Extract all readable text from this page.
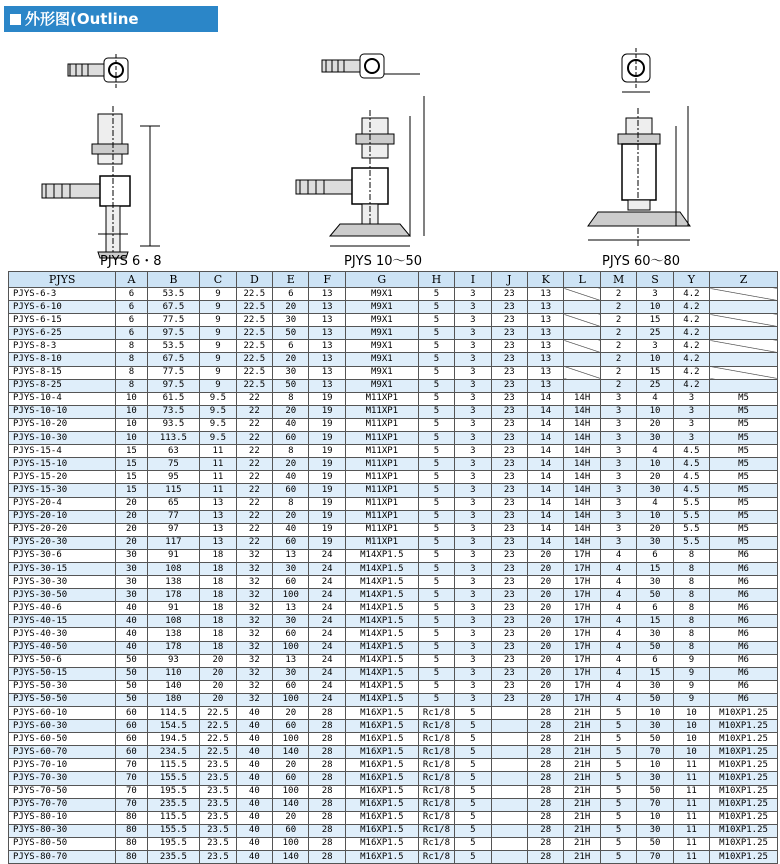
外形图(Outline Drawing)
PJYS 6・8	PJYS 10～50	PJYS 60～80
PJYS	A	B	C	D	E	F	G	H	I	J	K	L	M	S	Y	Z
PJYS-6-3	6	53.5	9	22.5	6	13	M9X1	5	3	23	13		2	3	4.2	
PJYS-6-10	6	67.5	9	22.5	20	13	M9X1	5	3	23	13		2	10	4.2	
PJYS-6-15	6	77.5	9	22.5	30	13	M9X1	5	3	23	13		2	15	4.2	
PJYS-6-25	6	97.5	9	22.5	50	13	M9X1	5	3	23	13		2	25	4.2	
PJYS-8-3	8	53.5	9	22.5	6	13	M9X1	5	3	23	13		2	3	4.2	
PJYS-8-10	8	67.5	9	22.5	20	13	M9X1	5	3	23	13		2	10	4.2	
PJYS-8-15	8	77.5	9	22.5	30	13	M9X1	5	3	23	13		2	15	4.2	
PJYS-8-25	8	97.5	9	22.5	50	13	M9X1	5	3	23	13		2	25	4.2	
PJYS-10-4	10	61.5	9.5	22	8	19	M11XP1	5	3	23	14	14H	3	4	3	M5
PJYS-10-10	10	73.5	9.5	22	20	19	M11XP1	5	3	23	14	14H	3	10	3	M5
PJYS-10-20	10	93.5	9.5	22	40	19	M11XP1	5	3	23	14	14H	3	20	3	M5
PJYS-10-30	10	113.5	9.5	22	60	19	M11XP1	5	3	23	14	14H	3	30	3	M5
PJYS-15-4	15	63	11	22	8	19	M11XP1	5	3	23	14	14H	3	4	4.5	M5
PJYS-15-10	15	75	11	22	20	19	M11XP1	5	3	23	14	14H	3	10	4.5	M5
PJYS-15-20	15	95	11	22	40	19	M11XP1	5	3	23	14	14H	3	20	4.5	M5
PJYS-15-30	15	115	11	22	60	19	M11XP1	5	3	23	14	14H	3	30	4.5	M5
PJYS-20-4	20	65	13	22	8	19	M11XP1	5	3	23	14	14H	3	4	5.5	M5
PJYS-20-10	20	77	13	22	20	19	M11XP1	5	3	23	14	14H	3	10	5.5	M5
PJYS-20-20	20	97	13	22	40	19	M11XP1	5	3	23	14	14H	3	20	5.5	M5
PJYS-20-30	20	117	13	22	60	19	M11XP1	5	3	23	14	14H	3	30	5.5	M5
PJYS-30-6	30	91	18	32	13	24	M14XP1.5	5	3	23	20	17H	4	6	8	M6
PJYS-30-15	30	108	18	32	30	24	M14XP1.5	5	3	23	20	17H	4	15	8	M6
PJYS-30-30	30	138	18	32	60	24	M14XP1.5	5	3	23	20	17H	4	30	8	M6
PJYS-30-50	30	178	18	32	100	24	M14XP1.5	5	3	23	20	17H	4	50	8	M6
PJYS-40-6	40	91	18	32	13	24	M14XP1.5	5	3	23	20	17H	4	6	8	M6
PJYS-40-15	40	108	18	32	30	24	M14XP1.5	5	3	23	20	17H	4	15	8	M6
PJYS-40-30	40	138	18	32	60	24	M14XP1.5	5	3	23	20	17H	4	30	8	M6
PJYS-40-50	40	178	18	32	100	24	M14XP1.5	5	3	23	20	17H	4	50	8	M6
PJYS-50-6	50	93	20	32	13	24	M14XP1.5	5	3	23	20	17H	4	6	9	M6
PJYS-50-15	50	110	20	32	30	24	M14XP1.5	5	3	23	20	17H	4	15	9	M6
PJYS-50-30	50	140	20	32	60	24	M14XP1.5	5	3	23	20	17H	4	30	9	M6
PJYS-50-50	50	180	20	32	100	24	M14XP1.5	5	3	23	20	17H	4	50	9	M6
PJYS-60-10	60	114.5	22.5	40	20	28	M16XP1.5	Rc1/8	5		28	21H	5	10	10	M10XP1.25
PJYS-60-30	60	154.5	22.5	40	60	28	M16XP1.5	Rc1/8	5		28	21H	5	30	10	M10XP1.25
PJYS-60-50	60	194.5	22.5	40	100	28	M16XP1.5	Rc1/8	5		28	21H	5	50	10	M10XP1.25
PJYS-60-70	60	234.5	22.5	40	140	28	M16XP1.5	Rc1/8	5		28	21H	5	70	10	M10XP1.25
PJYS-70-10	70	115.5	23.5	40	20	28	M16XP1.5	Rc1/8	5		28	21H	5	10	11	M10XP1.25
PJYS-70-30	70	155.5	23.5	40	60	28	M16XP1.5	Rc1/8	5		28	21H	5	30	11	M10XP1.25
PJYS-70-50	70	195.5	23.5	40	100	28	M16XP1.5	Rc1/8	5		28	21H	5	50	11	M10XP1.25
PJYS-70-70	70	235.5	23.5	40	140	28	M16XP1.5	Rc1/8	5		28	21H	5	70	11	M10XP1.25
PJYS-80-10	80	115.5	23.5	40	20	28	M16XP1.5	Rc1/8	5		28	21H	5	10	11	M10XP1.25
PJYS-80-30	80	155.5	23.5	40	60	28	M16XP1.5	Rc1/8	5		28	21H	5	30	11	M10XP1.25
PJYS-80-50	80	195.5	23.5	40	100	28	M16XP1.5	Rc1/8	5		28	21H	5	50	11	M10XP1.25
PJYS-80-70	80	235.5	23.5	40	140	28	M16XP1.5	Rc1/8	5		28	21H	5	70	11	M10XP1.25
